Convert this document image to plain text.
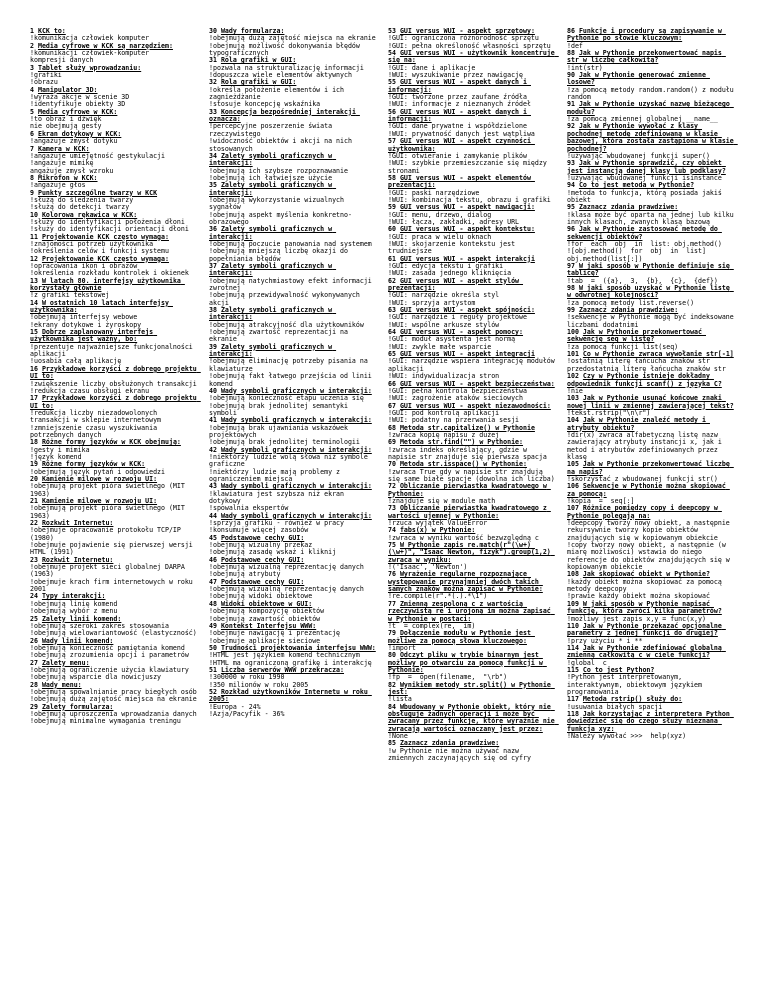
1 KCK to:
!komunikacja człowiek komputer
2 Media cyfrowe w KCK są narzędziem:
!komunikacji człowiek-komputer
kompresji danych
3 Tablet służy wprowadzaniu:
!grafiki
!obrazu
4 Manipulator 3D:
!wyraża akcje w scenie 3D
!identyfikuje obiekty 3D
5 Media cyfrowe w KCK:
!to obraz i dźwięk
nie obejmują gesty
6 Ekran dotykowy w KCK:
!angażuje zmysł dotyku
7 Kamera w KCK:
!angażuje umiejętność gestykulacji
!angażuje mimikę
angażuje zmysł wzroku
8 Mikrofon w KCK:
!angażuje głos
9 Punkty szczególne twarzy w KCK
!służą do śledzenia twarzy
!służą do detekcji twarzy
10 Kolorowa rękawica w KCK:
!służy do identyfikacji położenia dłoni
!służy do identyfikacji orientacji dłoni
11 Projektowanie KCK często wymaga:
!znajomości potrzeb użytkownika
!określenia celów i funkcji systemu
12 Projektowanie KCK często wymaga:
!opracowania ikon i obrazów
!określenia rozkładu kontrolek i okienek
13 W latach 80. interfejsy użytkownika korzystały głównie
!z grafiki tekstowej
14 W ostatnich 10 latach interfejsy użytkownika:
!obejmują interfejsy webowe
!ekrany dotykowe i żyroskopy
15 Dobrze zaplanowany interfejs użytkownika jest ważny, bo:
!prezentuje najważniejsze funkcjonalności aplikacji
!uosabia całą aplikację
16 Przykładowe korzyści z dobrego projektu UI to:
!zwiększenie liczby obsłużonych transakcji
!redukcja czasu obsługi ekranu
17 Przykładowe korzyści z dobrego projektu UI to:
!redukcja liczby niezadowolonych transakcji w sklepie internetowym
!zmniejszenie czasu wyszukiwania potrzebnych danych
18 Różne formy języków w KCK obejmują:
!gesty i mimika
!język komend
19 Różne formy języków w KCK:
!obejmują język pytań i odpowiedzi
20 Kamienie milowe w rozwoju UI:
!obejmują projekt pióra świetlnego (MIT 1963)
21 Kamienie milowe w rozwoju UI:
!obejmują projekt pióra świetlnego (MIT 1963)
22 Rozkwit Internetu:
!obejmuje opracowanie protokołu TCP/IP (1980)
!obejmuje pojawienie się pierwszej wersji HTML (1991)
23 Rozkwit Internetu:
!obejmuje projekt sieci globalnej DARPA (1963)
!obejmuje krach firm internetowych w roku 2001
24 Typy interakcji:
!obejmują linię komend
!obejmują wybór z menu
25 Zalety linii komend:
!obejmują szeroki zakres stosowania
!obejmują wielowariantowość (elastyczność)
26 Wady linii komend:
!obejmują konieczność pamiętania komend
!obejmują zrozumienia opcji i parametrów
27 Zalety menu:
!obejmują ograniczenie użycia klawiatury
!obejmują wsparcie dla nowicjuszy
28 Wady menu:
!obejmują spowalnianie pracy biegłych osób
!obejmują dużą zajętość miejsca na ekranie
29 Zalety formularza:
!obejmują uproszczenia wprowadzania danych
!obejmują minimalne wymagania treningu
30 Wady formularza:
!obejmują dużą zajętość miejsca na ekranie
!obejmują możliwość dokonywania błędów typograficznych
31 Rola grafiki w GUI:
!pozwala na strukturalizację informacji
!dopuszcza wiele elementów aktywnych
32 Rola grafiki w GUI:
!określa położenie elementów i ich zagnieżdżanie
!stosuje koncepcję wskaźnika
33 Koncepcja bezpośredniej interakcji oznacza:
!percepcyjne poszerzenie świata rzeczywistego
!widoczność obiektów i akcji na nich stosowanych
34 Zalety symboli graficznych w interakcji:
!obejmują ich szybsze rozpoznawanie
!obejmują ich łatwiejsze użycie
35 Zalety symboli graficznych w interakcji:
!obejmują wykorzystanie wizualnych sygnałów
!obejmują aspekt myślenia konkretno-obrazowego
36 Zalety symboli graficznych w interakcji:
!obejmują poczucie panowania nad systemem
!obejmują mniejszą liczbę okazji do popełniania błędów
37 Zalety symboli graficznych w interakcji:
!obejmują natychmiastowy efekt informacji zwrotnej
!obejmują przewidywalność wykonywanych akcji
38 Zalety symboli graficznych w interakcji:
!obejmują atrakcyjność dla użytkowników
!obejmują zwartość reprezentacji na ekranie
39 Zalety symboli graficznych w interakcji:
!obejmują eliminację potrzeby pisania na klawiaturze
!obejmują fakt łatwego przejścia od linii komend
40 Wady symboli graficznych w interakcji:
!obejmują konieczność etapu uczenia się
!obejmują brak jednolitej semantyki symboli
41 Wady symboli graficznych w interakcji:
!obejmują brak ujawniania wskazówek projektowych
!obejmują brak jednolitej terminologii
42 Wady symboli graficznych w interakcji:
!niektórzy ludzie wolą słowa niż symbole graficzne
!niektórzy ludzie mają problemy z ograniczeniem miejsca
43 Wady symboli graficznych w interakcji:
!klawiatura jest szybsza niż ekran dotykowy
!spowalnia ekspertów
44 Wady symboli graficznych w interakcji:
!sprzyja grafiku - również w pracy
!konsumuje więcej zasobów
45 Podstawowe cechy GUI:
!obejmują wizualny przekaz
!obejmują zasadę wskaż i kliknij
46 Podstawowe cechy GUI:
!obejmują wizualną reprezentację danych
!obejmują atrybuty
47 Podstawowe cechy GUI:
!obejmują wizualną reprezentację danych
!obejmują widoki obiektowe
48 Widoki obiektowe w GUI:
!obejmują kompozycję obiektów
!obejmują zawartość obiektów
49 Kontekst Interfejsu WWW:
!obejmuje nawigację i prezentację
!obejmuje aplikacje sieciowe
50 Trudności projektowania interfejsu WWW:
!HTML jest językiem komend technicznym
!HTML ma ograniczoną grafikę i interakcję
51 Liczba serwerów WWW przekracza:
!300000 w roku 1990
!350 milionów w roku 2005
52 Rozkład użytkowników Internetu w roku 2005:
!Europa - 24%
!Azja/Pacyfik - 36%
53 GUI versus WUI - aspekt sprzętowy:
!GUI: ograniczona różnorodność sprzętu
!GUI: pełna określoność własności sprzętu
54 GUI versus WUI - użytkownik koncentruje się na:
!GUI: dane i aplikacje
!WUI: wyszukiwanie przez nawigację
55 GUI versus WUI - aspekt danych i informacji:
!GUI: tworzone przez zaufane źródła
!WUI: informacje z nieznanych źródeł
56 GUI versus WUI - aspekt danych i informacji:
!GUI: dane prywatne i współdzielone
!WUI: prywatność danych jest wątpliwa
57 GUI versus WUI - aspekt czynności użytkownika:
!GUI: otwieranie i zamykanie plików
!WUI: szybkie przemieszczanie się między stronami
58 GUI versus WUI - aspekt elementów prezentacji:
!GUI: paski narzędziowe
!WUI: kombinacja tekstu, obrazu i grafiki
59 GUI versus WUI - aspekt nawigacji:
!GUI: menu, drzewo, dialog
!WUI: łącza, zakładki, adresy URL
60 GUI versus WUI - aspekt kontekstu:
!GUI: praca w wielu oknach
!WUI: skojarzenie kontekstu jest trudniejsze
61 GUI versus WUI - aspekt interakcji
!GUI: edycja tekstu i grafiki
!WUI: zasada jednego kliknięcia
62 GUI versus WUI - aspekt stylów prezentacji:
!GUI: narzędzie określa styl
!WUI: sprzyja artystom
63 GUI versus WUI - aspekt spójności:
!GUI: narzędzie i reguły projektowe
!WUI: wspólne arkusze stylów
64 GUI versus WUI - aspekt pomocy:
!GUI: moduł asystenta jest normą
!WUI: zwykle małe wsparcie
65 GUI versus WUI - aspekt integracji
!GUI: narzędzie wspiera integrację modułów aplikacji
!WUI: indywidualizacja stron
66 GUI versus WUI - aspekt bezpieczeństwa:
!GUI: pełna kontrola bezpieczeństwa
!WUI: zagrożenie ataków sieciowych
67 GUI versus WUI - aspekt niezawodności:
!GUI: pod kontrolą aplikacji
!WUI: podatny na przerwania sesji
68 Metoda str.capitalize() w Pythonie
!zwraca kopię napisu z dużej
69 Metoda str.find("") w Pythonie:
!zwraca indeks określający, gdzie w napisie str znajduje się pierwsza spacja
70 Metoda str.isspace() w Pythonie:
!zwraca True gdy w napisie str znajdują się same białe spacje (dowolna ich liczba)
72 Obliczanie pierwiastka kwadratowego w Pythonie:
!znajduje się w module math
73 Obliczanie pierwiastka kwadratowego z wartości ujemnej w Pythonie:
!rzuca wyjątek ValueError
74 fabs(x) w Pythonie:
!zwraca w wyniku wartość bezwzględną c
75 W Pythonie zapis re.match(r"(\w+) (\w+)", "Isaac Newton, fizyk").group(1,2) zwraca w wyniku:
!('Isaac', 'Newton')
76 Wyrażenie regularne rozpoznające występowanie przynajmniej dwóch takich samych znaków można zapisać w Pythonie:
!re.compile(r".*(.).*\1")
77 Zmienną zespoloną c z wartością rzeczywistą re i urojoną im można zapisać w Pythonie w postaci:
!t  = complex(re,  im)
79 Dołączenie modułu w Pythonie jest możliwe za pomocą słowa kluczowego:
!import
80 Odczyt pliku w trybie binarnym jest możliwy po otwarciu za pomocą funkcji w Pythonie:
!fp  =  open(filename,  "\rb")
82 Wynikiem metody str.split() w Pythonie jest:
!lista
84 Wbudowany w Pythonie obiekt, który nie obsługuje żadnych operacji i może być zwracany przez funkcje, które wyraźnie nie zwracają wartości oznaczany jest przez:
!None
85 Zaznacz zdania prawdziwe:
!w Pythonie nie można używać nazw zmiennych zaczynających się od cyfry
86 Funkcje i procedury są zapisywanie w Pythonie po słowie kluczowym:
!def
88 Jak w Pythonie przekonwertować napis str w liczbę całkowitą?
!int(str)
90 Jak w Pythonie generować zmienne losowe?
!za pomocą metody random.random() z modułu random
91 Jak w Pythonie uzyskać nazwę bieżącego modułu?
!za pomocą zmiennej globalnej __name__
92 Jak w Pythonie wywołać z klasy pochodnej metodę zdefiniowaną w klasie bazowej, która została zastąpiona w klasie pochodnej?
!używając wbudowanej funkcji super()
93 Jak w Pythonie sprawdzić, czy obiekt jest instancją danej klasy lub podklasy?
!używając wbudowanej funkcji isinstance
94 Co to jest metoda w Pythonie?
!metoda to funkcja, którą posiada jakiś obiekt
95 Zaznacz zdania prawdziwe:
!klasa może być oparta na jednej lub kilku innych klasach, zwanych klasą bazową
96 Jak w Pythonie zastosować metodę do sekwencji obiektów?
!for  each  obj  in  list: obj.method()
![obj.method()  for  obj  in  list]
obj.method(list[:])
97 W jaki sposób w Pythonie definiuje się tablicę?
!tab  =  ({a},  3,  {b},  {c},  {def})
98 W jaki sposób uzyskać w Pythonie listę w odwrotnej kolejności?
!za pomocą metody list.reverse()
99 Zaznacz zdania prawdziwe:
!sekwencje w Pythonie mogą być indeksowane liczbami dodatnimi
100 Jak w Pythonie przekonwertować sekwencję seq w listę?
!za pomocą funkcji list(seq)
101 Co w Pythonie zwraca wywołanie str[-1]
!ostatnią literę łańcucha znaków str
przedostatnią literę łańcucha znaków str
102 Czy w Pythonie istnieje dokładny odpowiednik funkcji scanf() z języka C?
!nie
103 Jak w Pythonie usunąć końcowe znaki nowej linii w zmiennej zawierającej tekst?
!tekst.rstrip("\n\r")
104 Jak w Pythonie znaleźć metody i atrybuty obiektu?
!dir(x) zwraca alfabetyczną listę nazw zawierający atrybuty instancji x, jak i metod i atrybutów zdefiniowanych przez klasę
105 Jak w Pythonie przekonwertować liczbę na napis?
!skorzystać z wbudowanej funkcji str()
106 Sekwencje w Pythonie można skopiować za pomocą:
!kopia  =  seq[:]
107 Różnice pomiędzy copy i deepcopy w Pythonie polegają na:
!deepcopy tworzy nowy obiekt, a następnie rekursywnie tworzy kopie obiektów znajdujących się w kopiowanym obiekcie
!copy tworzy nowy obiekt, a następnie (w miarę możliwości) wstawia do niego referencje do obiektów znajdujących się w kopiowanym obiekcie
108 Jak skopiować obiekt w Pythonie?
!każdy obiekt można skopiować za pomocą metody deepcopy
!prawie każdy obiekt można skopiować
109 W jaki sposób w Pythonie napisać funkcję, która zwróci kilka parametrów?
!możliwy jest zapis x,y = func(x,y)
110 Jak w Pythonie przekazać opcjonalne parametry z jednej funkcji do drugiej?
!przy użyciu * i **
114 Jak w Pythonie zdefiniować globalną zmienną całkowitą c w ciele funkcji?
!global  c
115 Co to jest Python?
!Python jest interpretowanym, interaktywnym, obiektowym językiem programowania
117 Metoda rstrip() służy do:
!usuwania białych spacji
118 Jak korzystając z interpretera Python dowiedzieć się do czego służy nieznana funkcja xyz:
!Należy wywołać >>>  help(xyz)
